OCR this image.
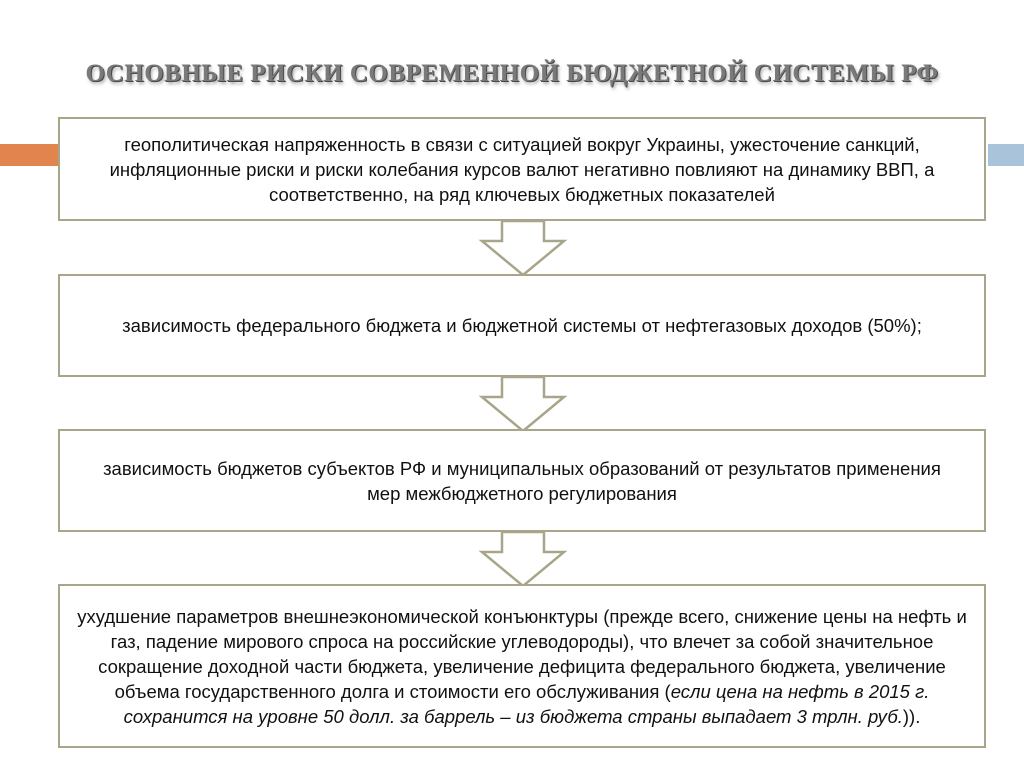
ОСНОВНЫЕ РИСКИ СОВРЕМЕННОЙ БЮДЖЕТНОЙ СИСТЕМЫ РФ

геополитическая напряженность в связи с ситуацией вокруг Украины, ужесточение санкций, инфляционные риски и риски колебания курсов валют негативно повлияют на динамику ВВП, а соответственно, на ряд ключевых бюджетных показателей

зависимость федерального бюджета и бюджетной системы от нефтегазовых доходов (50%);

зависимость бюджетов субъектов РФ и муниципальных образований от результатов применения мер межбюджетного регулирования

ухудшение параметров внешнеэкономической конъюнктуры (прежде всего, снижение цены на нефть и газ, падение мирового спроса на российские углеводороды), что влечет за собой значительное сокращение доходной части бюджета, увеличение дефицита федерального бюджета, увеличение объема государственного долга и стоимости его обслуживания (если цена на нефть в 2015 г. сохранится на уровне 50 долл. за баррель – из бюджета страны выпадает 3 трлн. руб.)).
